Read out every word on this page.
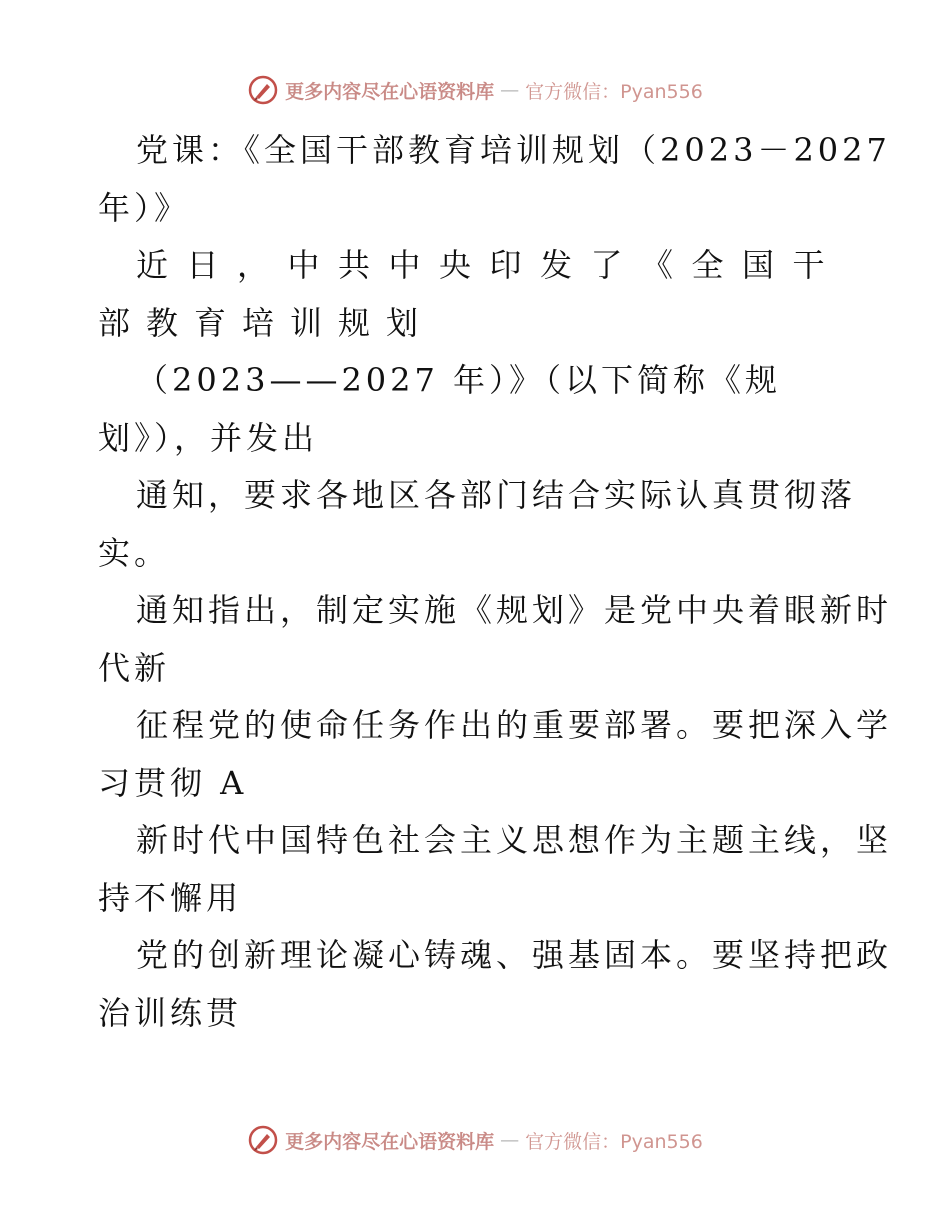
更多内容尽在心语资料库 — 官方微信：Pyan556
党课：《全国干部教育培训规划（2023－2027
年）》
近日，中共中央印发了《全国干
部教育培训规划
（2023——2027 年）》（以下简称《规
划》），并发出
通知，要求各地区各部门结合实际认真贯彻落
实。
通知指出，制定实施《规划》是党中央着眼新时
代新
征程党的使命任务作出的重要部署。要把深入学
习贯彻 A
新时代中国特色社会主义思想作为主题主线，坚
持不懈用
党的创新理论凝心铸魂、强基固本。要坚持把政
治训练贯
更多内容尽在心语资料库 — 官方微信：Pyan556
